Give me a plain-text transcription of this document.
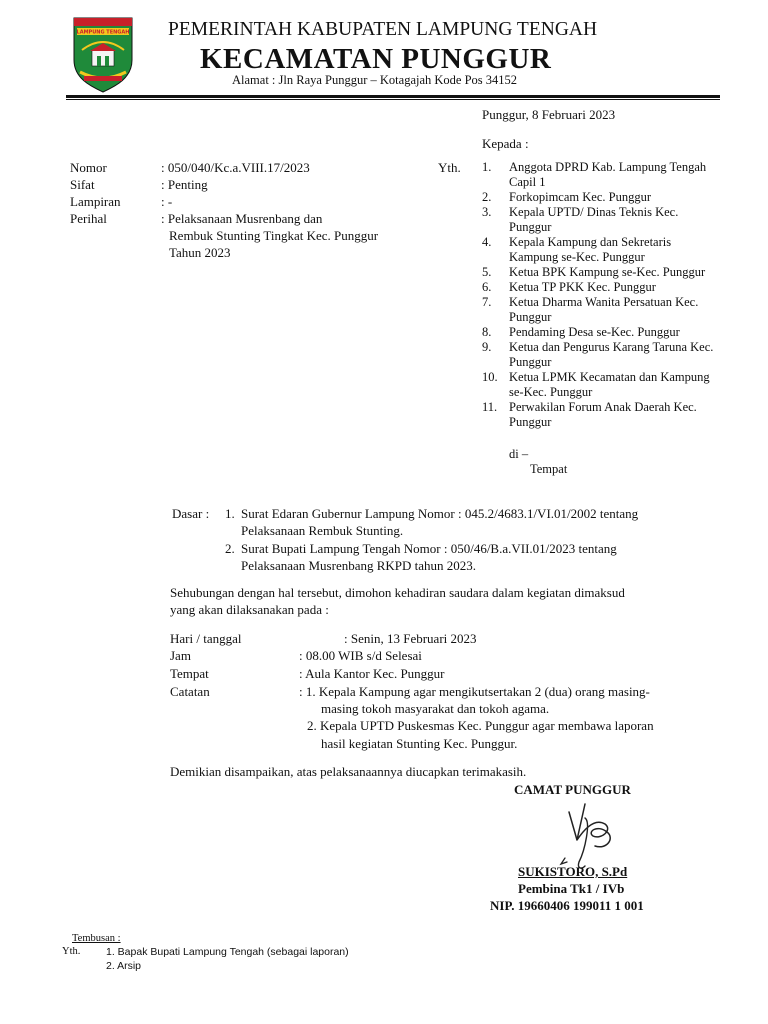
LAMPUNG TENGAH PEMERINTAH KABUPATEN LAMPUNG TENGAH
KECAMATAN PUNGGUR
Alamat : Jln Raya Punggur – Kotagajah Kode Pos 34152
Punggur, 8 Februari 2023
Kepada :
Yth.
Nomor	: 050/040/Kc.a.VIII.17/2023
Sifat	: Penting
Lampiran	: -
Perihal	: Pelaksanaan Musrenbang dan
Rembuk Stunting Tingkat Kec. Punggur
Tahun 2023
1. Anggota DPRD Kab. Lampung Tengah Capil 1
2. Forkopimcam Kec. Punggur
3. Kepala UPTD/ Dinas Teknis Kec. Punggur
4. Kepala Kampung dan Sekretaris Kampung se-Kec. Punggur
5. Ketua BPK Kampung se-Kec. Punggur
6. Ketua TP PKK Kec. Punggur
7. Ketua Dharma Wanita Persatuan Kec. Punggur
8. Pendaming Desa se-Kec. Punggur
9. Ketua dan Pengurus Karang Taruna Kec. Punggur
10. Ketua LPMK Kecamatan dan Kampung se-Kec. Punggur
11. Perwakilan Forum Anak Daerah Kec. Punggur
di –
Tempat
Dasar : 1. Surat Edaran Gubernur Lampung Nomor : 045.2/4683.1/VI.01/2002 tentang
Pelaksanaan Rembuk Stunting.
2. Surat Bupati Lampung Tengah Nomor : 050/46/B.a.VII.01/2023 tentang
Pelaksanaan Musrenbang RKPD tahun 2023.
Sehubungan dengan hal tersebut, dimohon kehadiran saudara dalam kegiatan dimaksud
yang akan dilaksanakan pada :
Hari / tanggal	: Senin, 13 Februari 2023
Jam	: 08.00 WIB s/d Selesai
Tempat	: Aula Kantor Kec. Punggur
Catatan	: 1. Kepala Kampung agar mengikutsertakan 2 (dua) orang masing-
masing tokoh masyarakat dan tokoh agama.
2. Kepala UPTD Puskesmas Kec. Punggur agar membawa laporan
hasil kegiatan Stunting Kec. Punggur.
Demikian disampaikan, atas pelaksanaannya diucapkan terimakasih.
CAMAT PUNGGUR
SUKISTORO, S.Pd
Pembina Tk1 / IVb
NIP. 19660406 199011 1 001
Tembusan :
Yth. 1. Bapak Bupati Lampung Tengah (sebagai laporan)
2. Arsip
